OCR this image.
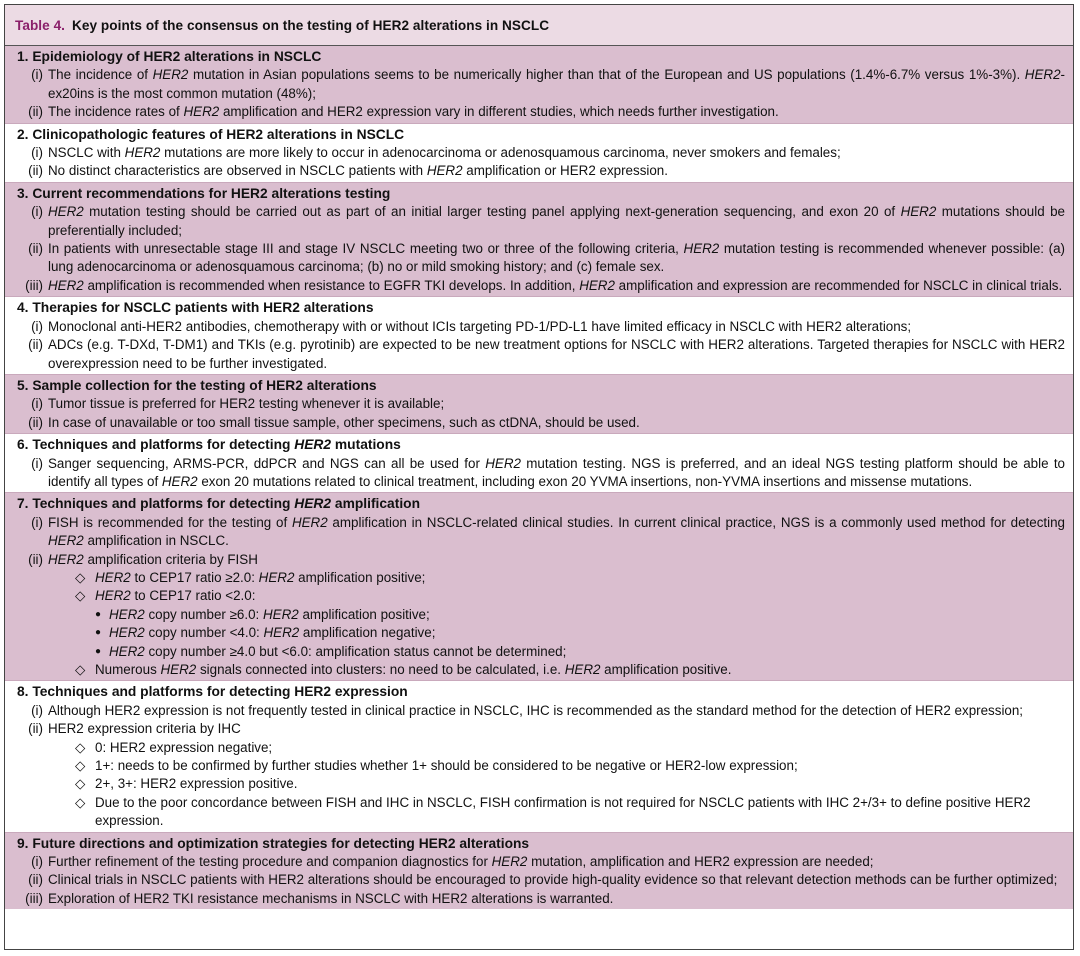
Table 4. Key points of the consensus on the testing of HER2 alterations in NSCLC
1. Epidemiology of HER2 alterations in NSCLC
(i) The incidence of HER2 mutation in Asian populations seems to be numerically higher than that of the European and US populations (1.4%-6.7% versus 1%-3%). HER2-ex20ins is the most common mutation (48%);
(ii) The incidence rates of HER2 amplification and HER2 expression vary in different studies, which needs further investigation.
2. Clinicopathologic features of HER2 alterations in NSCLC
(i) NSCLC with HER2 mutations are more likely to occur in adenocarcinoma or adenosquamous carcinoma, never smokers and females;
(ii) No distinct characteristics are observed in NSCLC patients with HER2 amplification or HER2 expression.
3. Current recommendations for HER2 alterations testing
(i) HER2 mutation testing should be carried out as part of an initial larger testing panel applying next-generation sequencing, and exon 20 of HER2 mutations should be preferentially included;
(ii) In patients with unresectable stage III and stage IV NSCLC meeting two or three of the following criteria, HER2 mutation testing is recommended whenever possible: (a) lung adenocarcinoma or adenosquamous carcinoma; (b) no or mild smoking history; and (c) female sex.
(iii) HER2 amplification is recommended when resistance to EGFR TKI develops. In addition, HER2 amplification and expression are recommended for NSCLC in clinical trials.
4. Therapies for NSCLC patients with HER2 alterations
(i) Monoclonal anti-HER2 antibodies, chemotherapy with or without ICIs targeting PD-1/PD-L1 have limited efficacy in NSCLC with HER2 alterations;
(ii) ADCs (e.g. T-DXd, T-DM1) and TKIs (e.g. pyrotinib) are expected to be new treatment options for NSCLC with HER2 alterations. Targeted therapies for NSCLC with HER2 overexpression need to be further investigated.
5. Sample collection for the testing of HER2 alterations
(i) Tumor tissue is preferred for HER2 testing whenever it is available;
(ii) In case of unavailable or too small tissue sample, other specimens, such as ctDNA, should be used.
6. Techniques and platforms for detecting HER2 mutations
(i) Sanger sequencing, ARMS-PCR, ddPCR and NGS can all be used for HER2 mutation testing. NGS is preferred, and an ideal NGS testing platform should be able to identify all types of HER2 exon 20 mutations related to clinical treatment, including exon 20 YVMA insertions, non-YVMA insertions and missense mutations.
7. Techniques and platforms for detecting HER2 amplification
(i) FISH is recommended for the testing of HER2 amplification in NSCLC-related clinical studies. In current clinical practice, NGS is a commonly used method for detecting HER2 amplification in NSCLC.
(ii) HER2 amplification criteria by FISH
◇ HER2 to CEP17 ratio ≥2.0: HER2 amplification positive;
◇ HER2 to CEP17 ratio <2.0:
● HER2 copy number ≥6.0: HER2 amplification positive;
● HER2 copy number <4.0: HER2 amplification negative;
● HER2 copy number ≥4.0 but <6.0: amplification status cannot be determined;
◇ Numerous HER2 signals connected into clusters: no need to be calculated, i.e. HER2 amplification positive.
8. Techniques and platforms for detecting HER2 expression
(i) Although HER2 expression is not frequently tested in clinical practice in NSCLC, IHC is recommended as the standard method for the detection of HER2 expression;
(ii) HER2 expression criteria by IHC
◇ 0: HER2 expression negative;
◇ 1+: needs to be confirmed by further studies whether 1+ should be considered to be negative or HER2-low expression;
◇ 2+, 3+: HER2 expression positive.
◇ Due to the poor concordance between FISH and IHC in NSCLC, FISH confirmation is not required for NSCLC patients with IHC 2+/3+ to define positive HER2 expression.
9. Future directions and optimization strategies for detecting HER2 alterations
(i) Further refinement of the testing procedure and companion diagnostics for HER2 mutation, amplification and HER2 expression are needed;
(ii) Clinical trials in NSCLC patients with HER2 alterations should be encouraged to provide high-quality evidence so that relevant detection methods can be further optimized;
(iii) Exploration of HER2 TKI resistance mechanisms in NSCLC with HER2 alterations is warranted.
